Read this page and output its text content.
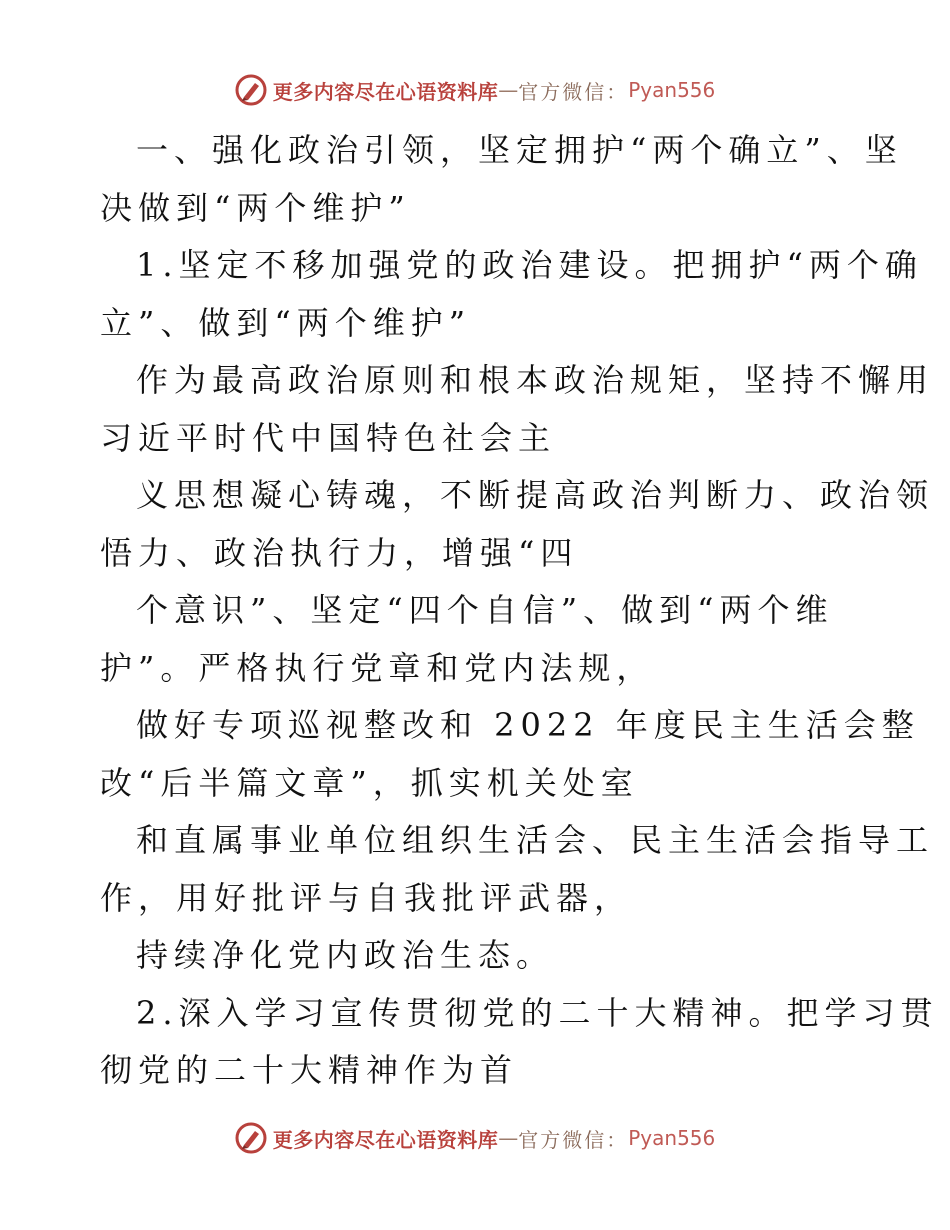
更多内容尽在心语资料库 — 官方微信： Pyan556
一、强化政治引领，坚定拥护“两个确立”、坚
决做到“两个维护”
1.坚定不移加强党的政治建设。把拥护“两个确
立”、做到“两个维护”
作为最高政治原则和根本政治规矩，坚持不懈用
习近平时代中国特色社会主
义思想凝心铸魂，不断提高政治判断力、政治领
悟力、政治执行力，增强“四
个意识”、坚定“四个自信”、做到“两个维
护”。严格执行党章和党内法规，
做好专项巡视整改和 2022 年度民主生活会整
改“后半篇文章”，抓实机关处室
和直属事业单位组织生活会、民主生活会指导工
作，用好批评与自我批评武器，
持续净化党内政治生态。
2.深入学习宣传贯彻党的二十大精神。把学习贯
彻党的二十大精神作为首
更多内容尽在心语资料库 — 官方微信： Pyan556
